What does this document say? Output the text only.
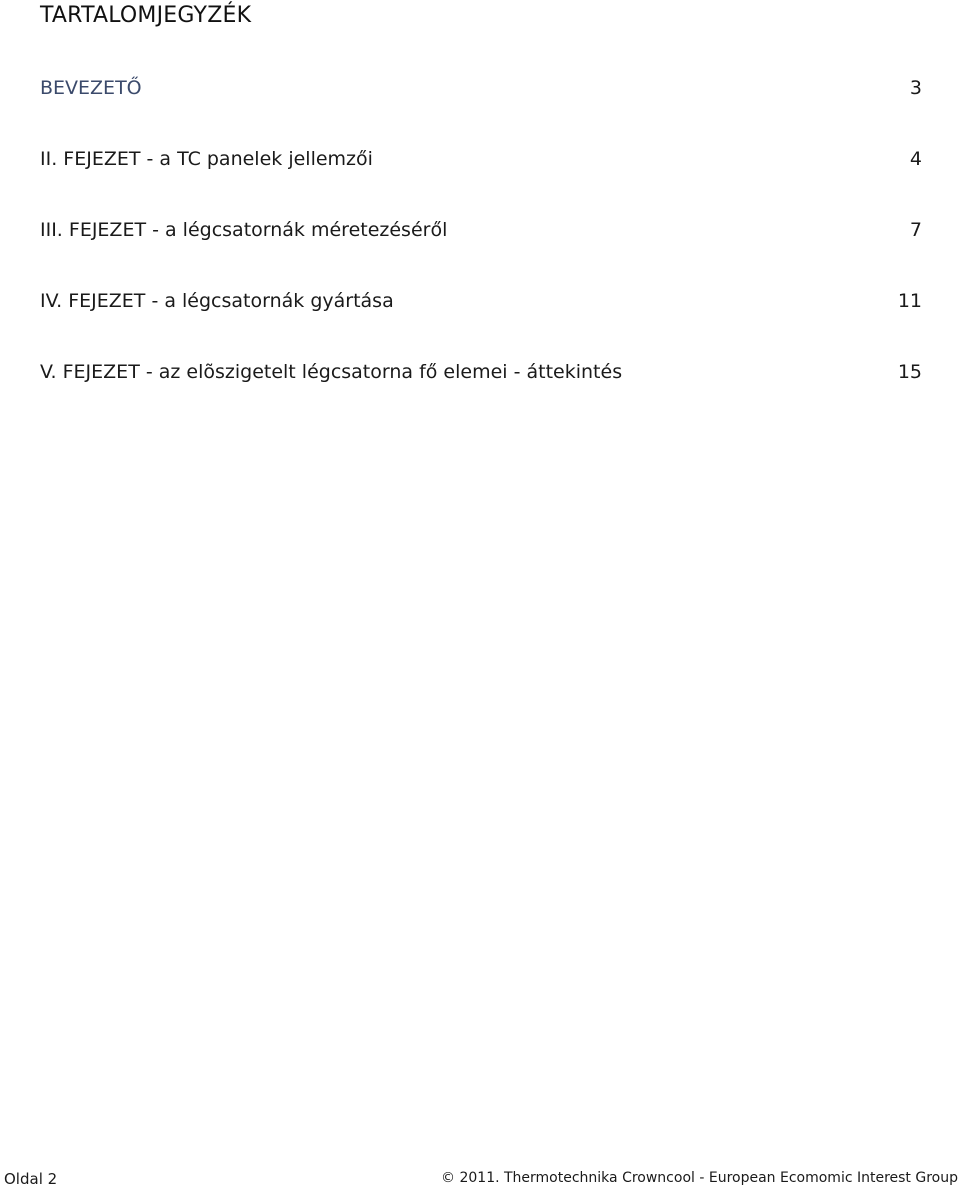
TARTALOMJEGYZÉK
BEVEZETŐ	3
II. FEJEZET - a TC panelek jellemzői	4
III. FEJEZET - a légcsatornák méretezéséről	7
IV. FEJEZET - a légcsatornák gyártása	11
V. FEJEZET - az elõszigetelt légcsatorna fő elemei - áttekintés	15
Oldal 2	© 2011. Thermotechnika Crowncool - European Ecomomic Interest Group
